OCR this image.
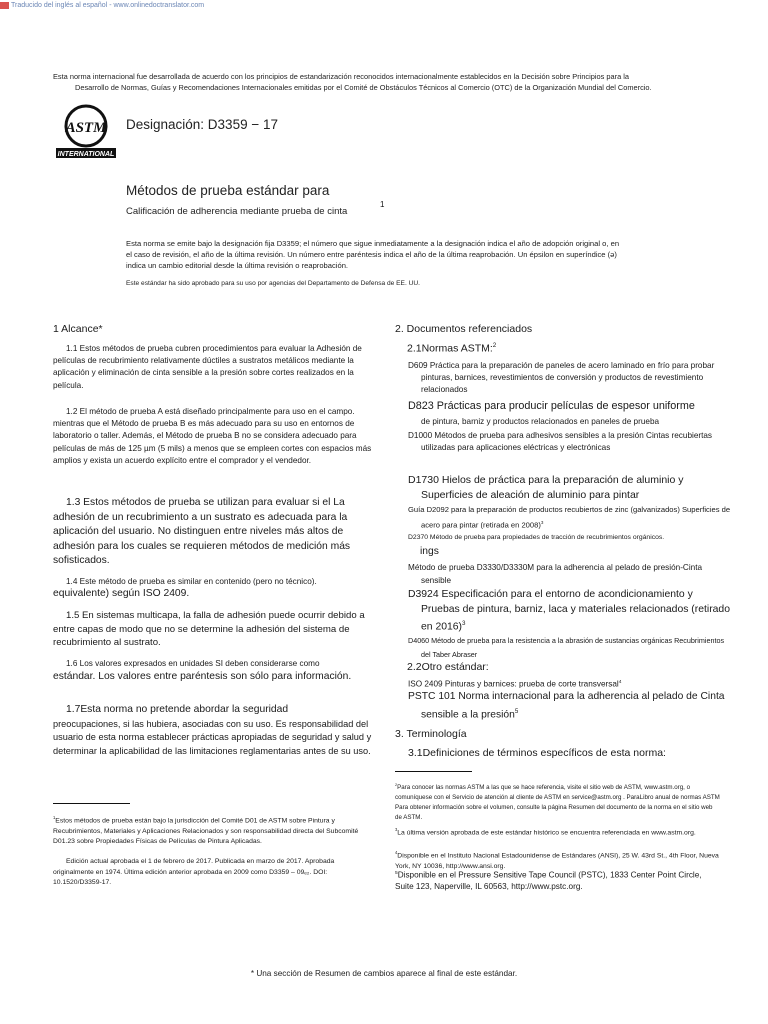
Traducido del inglés al español - www.onlinedoctranslator.com
Esta norma internacional fue desarrollada de acuerdo con los principios de estandarización reconocidos internacionalmente establecidos en la Decisión sobre Principios para la
Desarrollo de Normas, Guías y Recomendaciones Internacionales emitidas por el Comité de Obstáculos Técnicos al Comercio (OTC) de la Organización Mundial del Comercio.
ASTM
INTERNATIONAL
Designación: D3359 − 17
Métodos de prueba estándar para
Calificación de adherencia mediante prueba de cinta
1
Esta norma se emite bajo la designación fija D3359; el número que sigue inmediatamente a la designación indica el año de adopción original o, en el caso de revisión, el año de la última revisión. Un número entre paréntesis indica el año de la última reaprobación. Un épsilon en superíndice (ǝ) indica un cambio editorial desde la última revisión o reaprobación.
Este estándar ha sido aprobado para su uso por agencias del Departamento de Defensa de EE. UU.
1 Alcance*
1.1 Estos métodos de prueba cubren procedimientos para evaluar la Adhesión de películas de recubrimiento relativamente dúctiles a sustratos metálicos mediante la aplicación y eliminación de cinta sensible a la presión sobre cortes realizados en la película.
1.2 El método de prueba A está diseñado principalmente para uso en el campo. mientras que el Método de prueba B es más adecuado para su uso en entornos de laboratorio o taller. Además, el Método de prueba B no se considera adecuado para películas de más de 125 µm (5 mils) a menos que se empleen cortes con espacios más amplios y exista un acuerdo explícito entre el comprador y el vendedor.
1.3 Estos métodos de prueba se utilizan para evaluar si el La adhesión de un recubrimiento a un sustrato es adecuada para la aplicación del usuario. No distinguen entre niveles más altos de adhesión para los cuales se requieren métodos de medición más sofisticados.
1.4 Este método de prueba es similar en contenido (pero no técnico).
equivalente) según ISO 2409.
1.5 En sistemas multicapa, la falla de adhesión puede ocurrir debido a entre capas de modo que no se determine la adhesión del sistema de recubrimiento al sustrato.
1.6 Los valores expresados en unidades SI deben considerarse como
estándar. Los valores entre paréntesis son sólo para información.
1.7Esta norma no pretende abordar la seguridad
preocupaciones, si las hubiera, asociadas con su uso. Es responsabilidad del usuario de esta norma establecer prácticas apropiadas de seguridad y salud y determinar la aplicabilidad de las limitaciones reglamentarias antes de su uso.
$^1$Estos métodos de prueba están bajo la jurisdicción del Comité D01 de ASTM sobre Pintura y Recubrimientos, Materiales y Aplicaciones Relacionados y son responsabilidad directa del Subcomité D01.23 sobre Propiedades Físicas de Películas de Pintura Aplicadas.
Edición actual aprobada el 1 de febrero de 2017. Publicada en marzo de 2017. Aprobada originalmente en 1974. Última edición anterior aprobada en 2009 como D3359 – 09ₑ₂. DOI: 10.1520/D3359-17.
2. Documentos referenciados
2.1Normas ASTM:$^2$
D609 Práctica para la preparación de paneles de acero laminado en frío para probar pinturas, barnices, revestimientos de conversión y productos de revestimiento relacionados
D823 Prácticas para producir películas de espesor uniforme
de pintura, barniz y productos relacionados en paneles de prueba
D1000 Métodos de prueba para adhesivos sensibles a la presión Cintas recubiertas utilizadas para aplicaciones eléctricas y electrónicas
D1730 Hielos de práctica para la preparación de aluminio y Superficies de aleación de aluminio para pintar
Guía D2092 para la preparación de productos recubiertos de zinc (galvanizados) Superficies de acero para pintar (retirada en 2008)$^3$
D2370 Método de prueba para propiedades de tracción de recubrimientos orgánicos.
ings
Método de prueba D3330/D3330M para la adherencia al pelado de presión-Cinta sensible
D3924 Especificación para el entorno de acondicionamiento y Pruebas de pintura, barniz, laca y materiales relacionados (retirado en 2016)$^3$
D4060 Método de prueba para la resistencia a la abrasión de sustancias orgánicas Recubrimientos del Taber Abraser
2.2Otro estándar:
ISO 2409 Pinturas y barnices: prueba de corte transversal$^4$
PSTC 101 Norma internacional para la adherencia al pelado de Cinta sensible a la presión$^5$
3. Terminología
3.1Definiciones de términos específicos de esta norma:
$^2$Para conocer las normas ASTM a las que se hace referencia, visite el sitio web de ASTM, www.astm.org, o comuníquese con el Servicio de atención al cliente de ASTM en service@astm.org . ParaLibro anual de normas ASTM Para obtener información sobre el volumen, consulte la página Resumen del documento de la norma en el sitio web de ASTM.
$^3$La última versión aprobada de este estándar histórico se encuentra referenciada en www.astm.org.
$^4$Disponible en el Instituto Nacional Estadounidense de Estándares (ANSI), 25 W. 43rd St., 4th Floor, Nueva York, NY 10036, http://www.ansi.org.
$^5$Disponible en el Pressure Sensitive Tape Council (PSTC), 1833 Center Point Circle, Suite 123, Naperville, IL 60563, http://www.pstc.org.
* Una sección de Resumen de cambios aparece al final de este estándar.
